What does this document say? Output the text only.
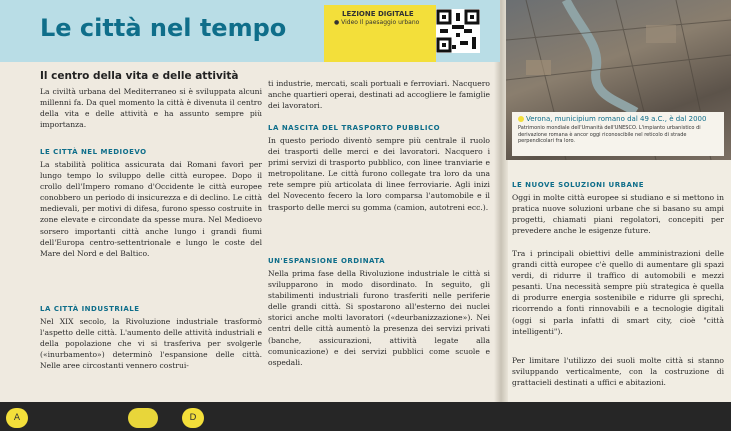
Le città nel tempo	LEZIONE DIGITALE
● Video Il paesaggio urbano
Verona, municipium romano dal 49 a.C., è dal 2000
Patrimonio mondiale dell'Umanità dell'UNESCO. L'impianto urbanistico di derivazione romana è ancor oggi riconoscibile nel reticolo di strade perpendicolari fra loro.
Il centro della vita e delle attività

La civiltà urbana del Mediterraneo si è sviluppata alcuni millenni fa. Da quel momento la città è divenuta il centro della vita e delle attività e ha assunto sempre più importanza.

LE CITTÀ NEL MEDIOEVO

La stabilità politica assicurata dai Romani favorì per lungo tempo lo sviluppo delle città europee. Dopo il crollo dell'Impero romano d'Occidente le città europee conobbero un periodo di insicurezza e di declino. Le città medievali, per motivi di difesa, furono spesso costruite in zone elevate e circondate da spesse mura. Nel Medioevo sorsero importanti città anche lungo i grandi fiumi dell'Europa centro-settentrionale e lungo le coste del Mare del Nord e del Baltico.

LA CITTÀ INDUSTRIALE

Nel XIX secolo, la Rivoluzione industriale trasformò l'aspetto delle città. L'aumento delle attività industriali e della popolazione che vi si trasferiva per svolgerle («inurbamento») determinò l'espansione delle città. Nelle aree circostanti vennero costrui-

ti industrie, mercati, scali portuali e ferroviari. Nacquero anche quartieri operai, destinati ad accogliere le famiglie dei lavoratori.

LA NASCITA DEL TRASPORTO PUBBLICO

In questo periodo diventò sempre più centrale il ruolo dei trasporti delle merci e dei lavoratori. Nacquero i primi servizi di trasporto pubblico, con linee tranviarie e metropolitane. Le città furono collegate tra loro da una rete sempre più articolata di linee ferroviarie. Agli inizi del Novecento fecero la loro comparsa l'automobile e il trasporto delle merci su gomma (camion, autotreni ecc.).

UN'ESPANSIONE ORDINATA

Nella prima fase della Rivoluzione industriale le città si svilupparono in modo disordinato. In seguito, gli stabilimenti industriali furono trasferiti nelle periferie delle grandi città. Si spostarono all'esterno dei nuclei storici anche molti lavoratori («deurbanizzazione»). Nei centri delle città aumentò la presenza dei servizi privati (banche, assicurazioni, attività legate alla comunicazione) e dei servizi pubblici come scuole e ospedali.

LE NUOVE SOLUZIONI URBANE

Oggi in molte città europee si studiano e si mettono in pratica nuove soluzioni urbane che si basano su ampi progetti, chiamati piani regolatori, concepiti per prevedere anche le esigenze future.

Tra i principali obiettivi delle amministrazioni delle grandi città europee c'è quello di aumentare gli spazi verdi, di ridurre il traffico di automobili e mezzi pesanti. Una necessità sempre più strategica è quella di produrre energia sostenibile e ridurre gli sprechi, ricorrendo a fonti rinnovabili e a tecnologie digitali (oggi si parla infatti di smart city, cioè "città intelligenti").

Per limitare l'utilizzo dei suoli molte città si stanno sviluppando verticalmente, con la costruzione di grattacieli destinati a uffici e abitazioni.

A	D
